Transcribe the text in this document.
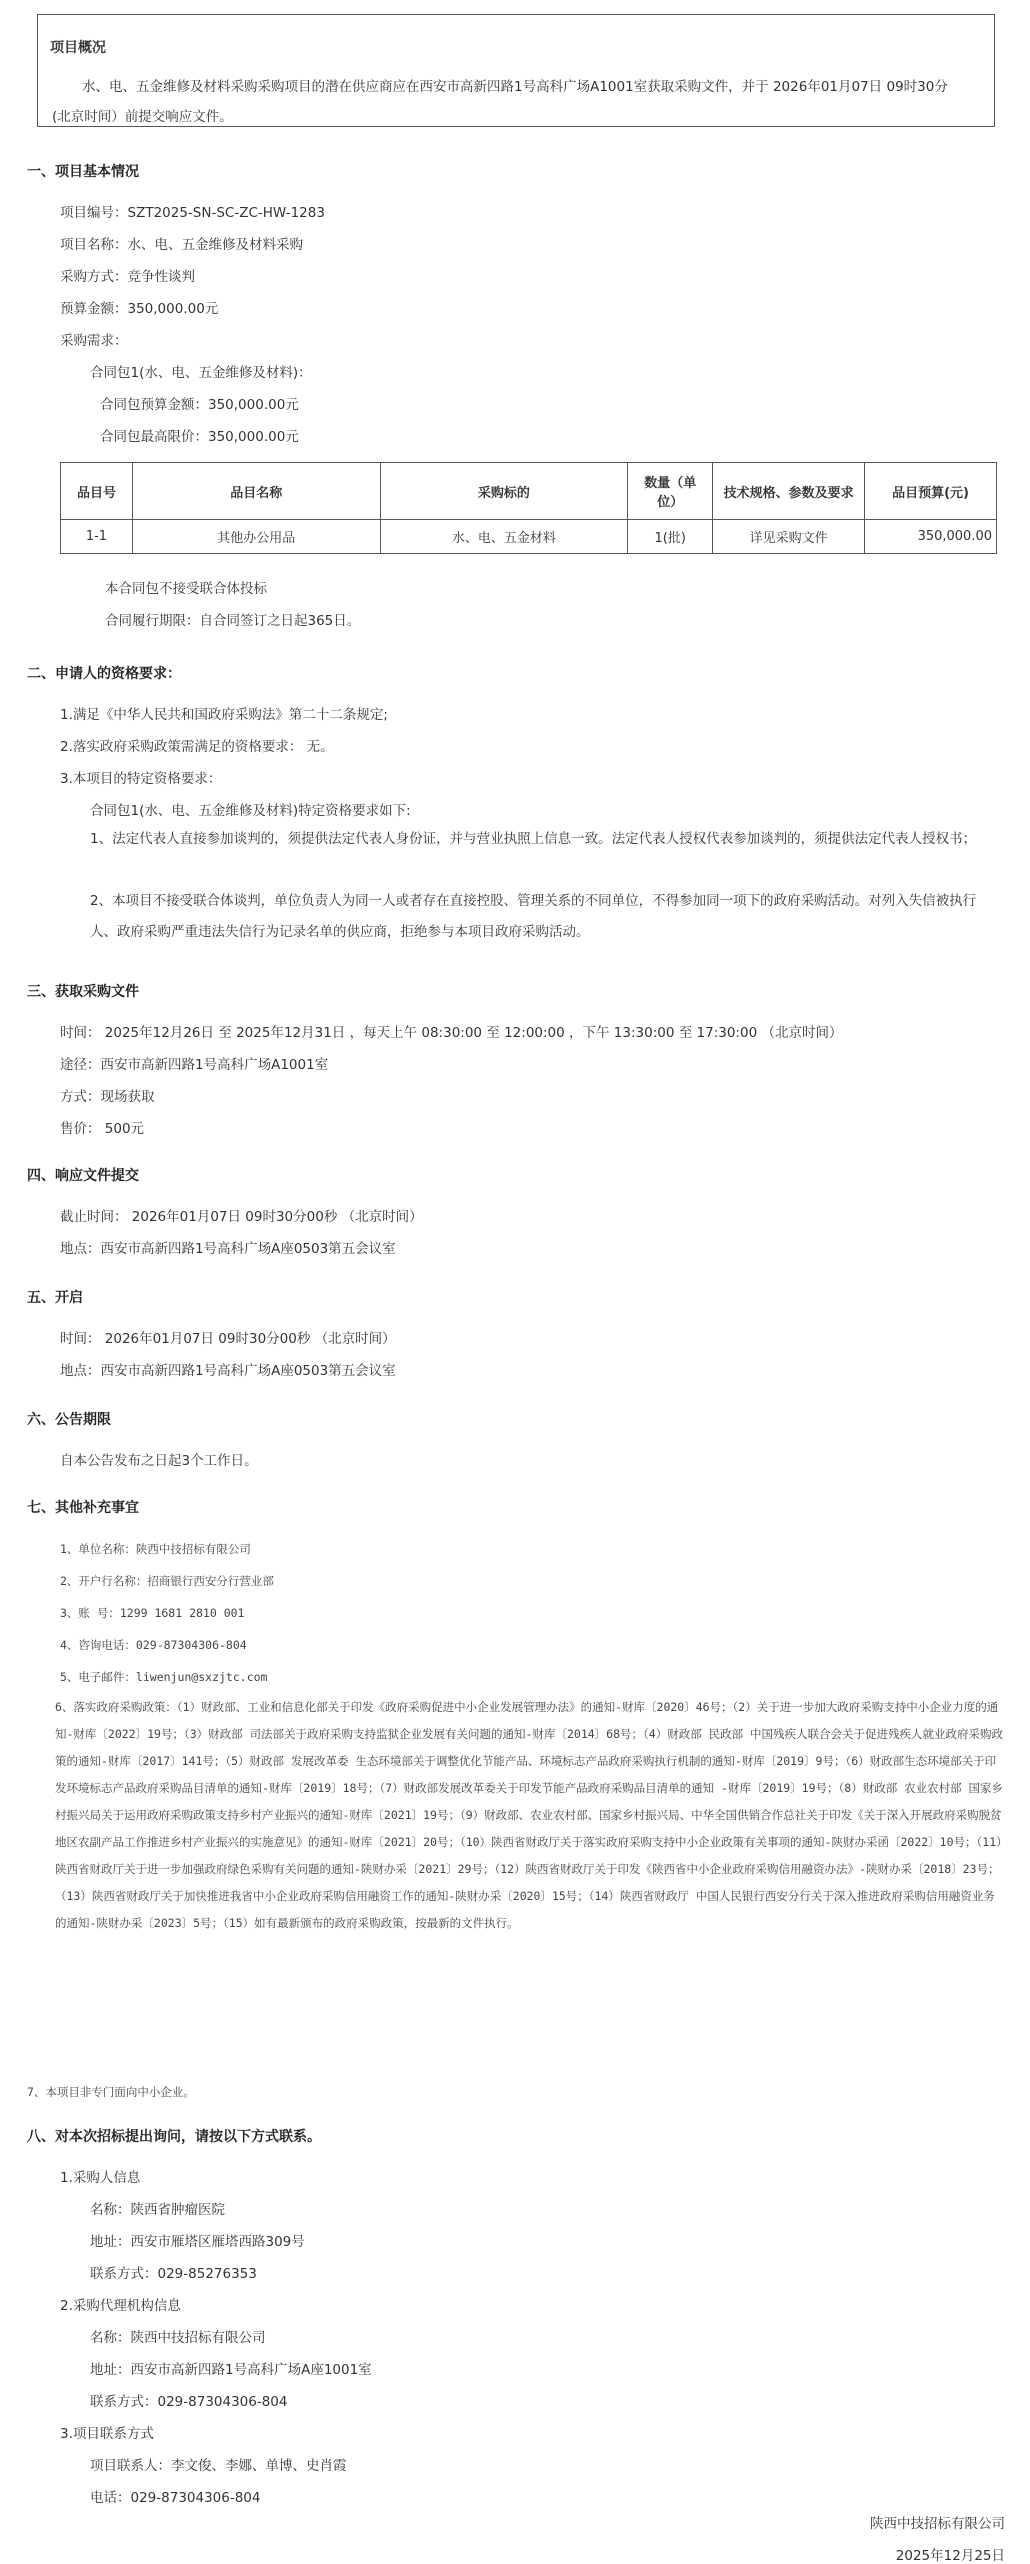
项目概况
水、电、五金维修及材料采购采购项目的潜在供应商应在西安市高新四路1号高科广场A1001室获取采购文件，并于 2026年01月07日 09时30分
(北京时间）前提交响应文件。
一、项目基本情况
项目编号：SZT2025-SN-SC-ZC-HW-1283
项目名称：水、电、五金维修及材料采购
采购方式：竞争性谈判
预算金额：350,000.00元
采购需求：
合同包1(水、电、五金维修及材料)：
合同包预算金额：350,000.00元
合同包最高限价：350,000.00元
品目号	品目名称	采购标的	数量（单
位）	技术规格、参数及要求	品目预算(元)
1-1	其他办公用品	水、电、五金材料	1(批)	详见采购文件	350,000.00
本合同包不接受联合体投标
合同履行期限：自合同签订之日起365日。
二、申请人的资格要求：
1.满足《中华人民共和国政府采购法》第二十二条规定;
2.落实政府采购政策需满足的资格要求： 无。
3.本项目的特定资格要求：
合同包1(水、电、五金维修及材料)特定资格要求如下:
1、法定代表人直接参加谈判的，须提供法定代表人身份证，并与营业执照上信息一致。法定代表人授权代表参加谈判的，须提供法定代表人授权书；
2、本项目不接受联合体谈判，单位负责人为同一人或者存在直接控股、管理关系的不同单位，不得参加同一项下的政府采购活动。对列入失信被执行人、政府采购严重违法失信行为记录名单的供应商，拒绝参与本项目政府采购活动。
三、获取采购文件
时间： 2025年12月26日 至 2025年12月31日 ，每天上午 08:30:00 至 12:00:00 ，下午 13:30:00 至 17:30:00 （北京时间）
途径：西安市高新四路1号高科广场A1001室
方式：现场获取
售价： 500元
四、响应文件提交
截止时间： 2026年01月07日 09时30分00秒 （北京时间）
地点：西安市高新四路1号高科广场A座0503第五会议室
五、开启
时间： 2026年01月07日 09时30分00秒 （北京时间）
地点：西安市高新四路1号高科广场A座0503第五会议室
六、公告期限
自本公告发布之日起3个工作日。
七、其他补充事宜
1、单位名称：陕西中技招标有限公司
2、开户行名称：招商银行西安分行营业部
3、账 号：1299 1681 2810 001
4、咨询电话：029-87304306-804
5、电子邮件：liwenjun@sxzjtc.com
6、落实政府采购政策：（1）财政部、工业和信息化部关于印发《政府采购促进中小企业发展管理办法》的通知-财库〔2020〕46号；（2）关于进一步加大政府采购支持中小企业力度的通知-财库〔2022〕19号；（3）财政部 司法部关于政府采购支持监狱企业发展有关问题的通知-财库〔2014〕68号；（4）财政部 民政部 中国残疾人联合会关于促进残疾人就业政府采购政策的通知-财库〔2017〕141号；（5）财政部 发展改革委 生态环境部关于调整优化节能产品、环境标志产品政府采购执行机制的通知-财库〔2019〕9号；（6）财政部生态环境部关于印发环境标志产品政府采购品目清单的通知-财库〔2019〕18号；（7）财政部发展改革委关于印发节能产品政府采购品目清单的通知 -财库〔2019〕19号；（8）财政部 农业农村部 国家乡村振兴局关于运用政府采购政策支持乡村产业振兴的通知-财库〔2021〕19号；（9）财政部、农业农村部、国家乡村振兴局、中华全国供销合作总社关于印发《关于深入开展政府采购脱贫地区农副产品工作推进乡村产业振兴的实施意见》的通知-财库〔2021〕20号；（10）陕西省财政厅关于落实政府采购支持中小企业政策有关事项的通知-陕财办采函〔2022〕10号；（11）陕西省财政厅关于进一步加强政府绿色采购有关问题的通知-陕财办采〔2021〕29号；（12）陕西省财政厅关于印发《陕西省中小企业政府采购信用融资办法》-陕财办采〔2018〕23号；（13）陕西省财政厅关于加快推进我省中小企业政府采购信用融资工作的通知-陕财办采〔2020〕15号；（14）陕西省财政厅 中国人民银行西安分行关于深入推进政府采购信用融资业务的通知-陕财办采〔2023〕5号；（15）如有最新颁布的政府采购政策，按最新的文件执行。
7、本项目非专门面向中小企业。
八、对本次招标提出询问，请按以下方式联系。
1.采购人信息
名称：陕西省肿瘤医院
地址：西安市雁塔区雁塔西路309号
联系方式：029-85276353
2.采购代理机构信息
名称：陕西中技招标有限公司
地址：西安市高新四路1号高科广场A座1001室
联系方式：029-87304306-804
3.项目联系方式
项目联系人：李文俊、李娜、单博、史肖霞
电话：029-87304306-804
陕西中技招标有限公司
2025年12月25日
